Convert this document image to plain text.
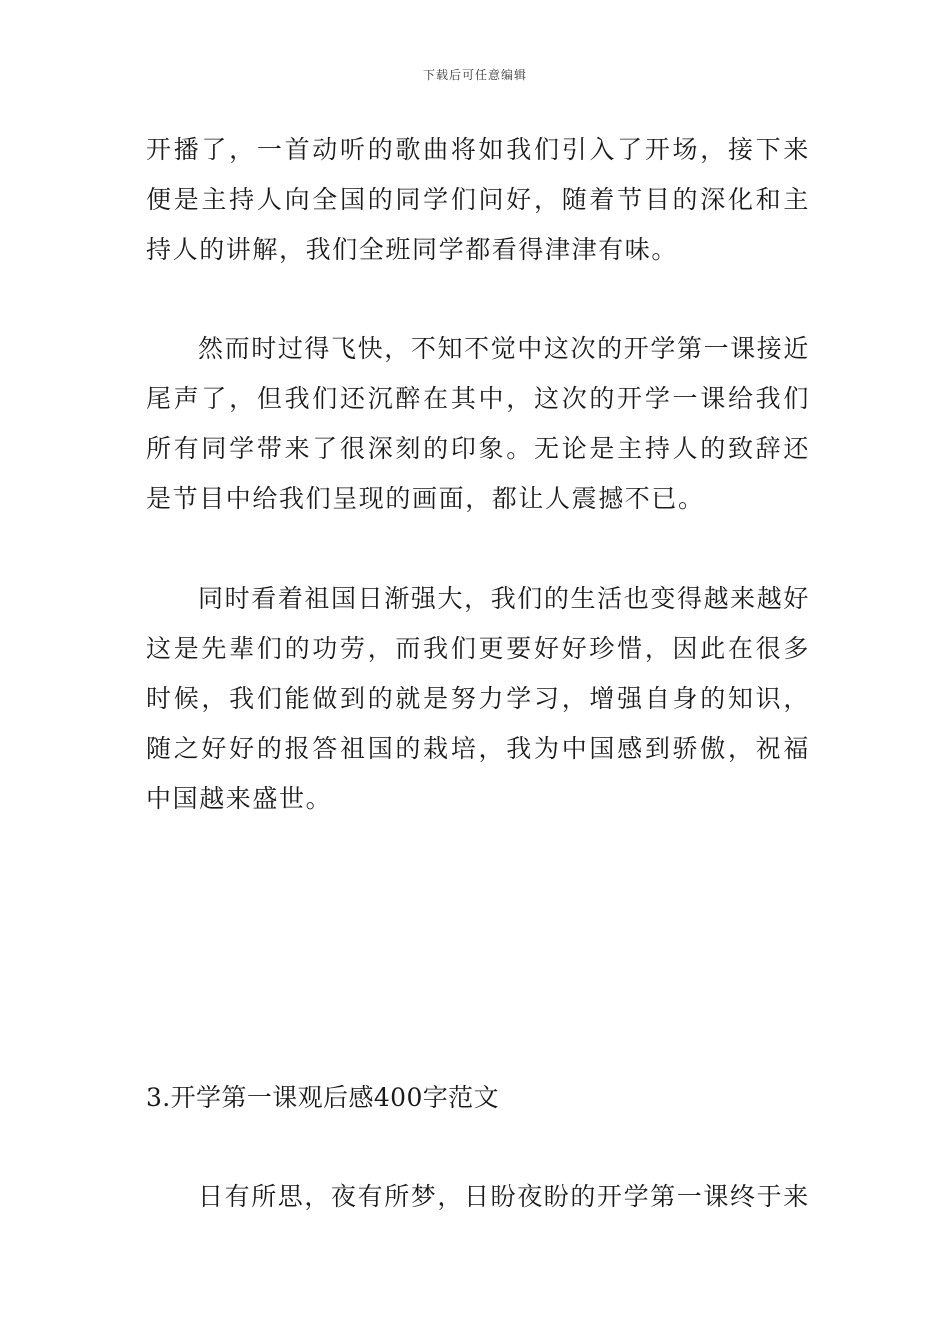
下载后可任意编辑

开播了，一首动听的歌曲将如我们引入了开场，接下来便是主持人向全国的同学们问好，随着节目的深化和主持人的讲解，我们全班同学都看得津津有味。

然而时过得飞快，不知不觉中这次的开学第一课接近尾声了，但我们还沉醉在其中，这次的开学一课给我们所有同学带来了很深刻的印象。无论是主持人的致辞还是节目中给我们呈现的画面，都让人震撼不已。

同时看着祖国日渐强大，我们的生活也变得越来越好这是先辈们的功劳，而我们更要好好珍惜，因此在很多时候，我们能做到的就是努力学习，增强自身的知识，随之好好的报答祖国的栽培，我为中国感到骄傲，祝福中国越来盛世。

3.开学第一课观后感400字范文

日有所思，夜有所梦，日盼夜盼的开学第一课终于来
